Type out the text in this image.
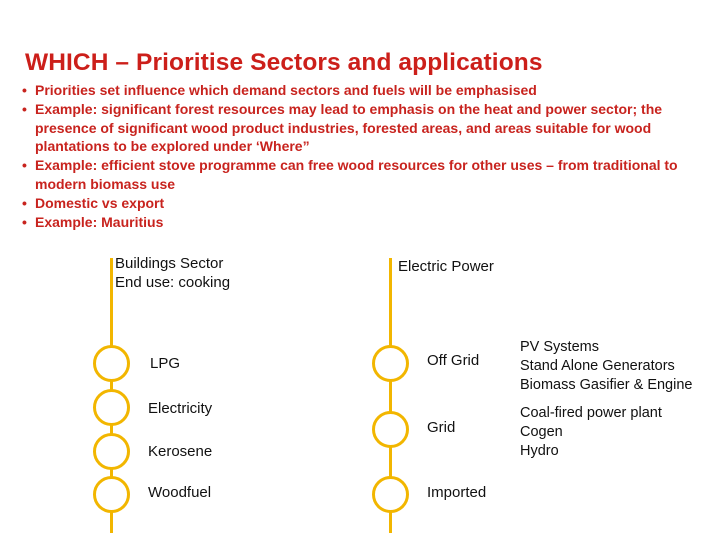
WHICH – Prioritise Sectors and applications
• Priorities set influence which demand sectors and fuels will be emphasised
• Example: significant forest resources may lead to emphasis on the heat and power sector; the presence of significant wood product industries, forested areas, and areas suitable for wood plantations to be explored under ‘Where”
• Example: efficient stove programme can free wood resources for other uses – from traditional to modern biomass use
• Domestic vs export
• Example: Mauritius
Buildings Sector
End use: cooking
LPG
Electricity
Kerosene
Woodfuel
Electric Power
Off Grid
Grid
Imported
PV Systems
Stand Alone Generators
Biomass Gasifier & Engine
Coal-fired power plant
Cogen
Hydro
